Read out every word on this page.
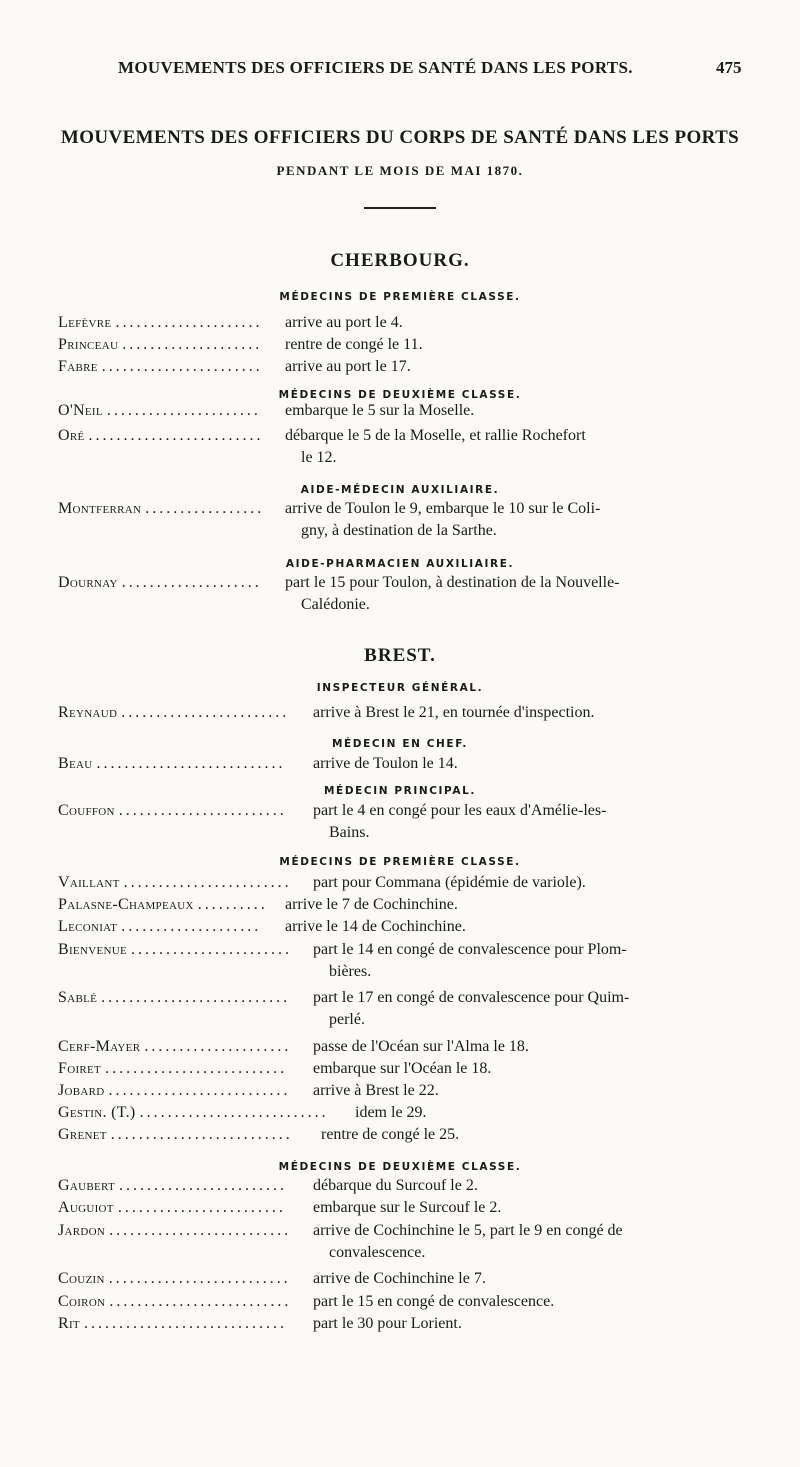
MOUVEMENTS DES OFFICIERS DE SANTÉ DANS LES PORTS.	475
MOUVEMENTS DES OFFICIERS DU CORPS DE SANTÉ DANS LES PORTS
PENDANT LE MOIS DE MAI 1870.
CHERBOURG.
MÉDECINS DE PREMIÈRE CLASSE.
Lefèvre ..................... arrive au port le 4.
Princeau .................... rentre de congé le 11.
Fabre ....................... arrive au port le 17.
MÉDECINS DE DEUXIÈME CLASSE.
O'Neil ...................... embarque le 5 sur la Moselle.
Oré ......................... débarque le 5 de la Moselle, et rallie Rochefort
le 12.
AIDE-MÉDECIN AUXILIAIRE.
Montferran ................. arrive de Toulon le 9, embarque le 10 sur le Coli-
gny, à destination de la Sarthe.
AIDE-PHARMACIEN AUXILIAIRE.
Dournay .................... part le 15 pour Toulon, à destination de la Nouvelle-
Calédonie.
BREST.
INSPECTEUR GÉNÉRAL.
Reynaud ........................ arrive à Brest le 21, en tournée d'inspection.
MÉDECIN EN CHEF.
Beau ........................... arrive de Toulon le 14.
MÉDECIN PRINCIPAL.
Couffon ........................ part le 4 en congé pour les eaux d'Amélie-les-
Bains.
MÉDECINS DE PREMIÈRE CLASSE.
Vaillant ........................ part pour Commana (épidémie de variole).
Palasne-Champeaux .......... arrive le 7 de Cochinchine.
Leconiat .................... arrive le 14 de Cochinchine.
Bienvenue ....................... part le 14 en congé de convalescence pour Plom-
bières.
Sablé ........................... part le 17 en congé de convalescence pour Quim-
perlé.
Cerf-Mayer ..................... passe de l'Océan sur l'Alma le 18.
Foiret .......................... embarque sur l'Océan le 18.
Jobard .......................... arrive à Brest le 22.
Gestin. (T.) ........................... idem le 29.
Grenet .......................... rentre de congé le 25.
MÉDECINS DE DEUXIÈME CLASSE.
Gaubert ........................ débarque du Surcouf le 2.
Auguiot ........................ embarque sur le Surcouf le 2.
Jardon .......................... arrive de Cochinchine le 5, part le 9 en congé de
convalescence.
Couzin .......................... arrive de Cochinchine le 7.
Coiron .......................... part le 15 en congé de convalescence.
Rit ............................. part le 30 pour Lorient.
